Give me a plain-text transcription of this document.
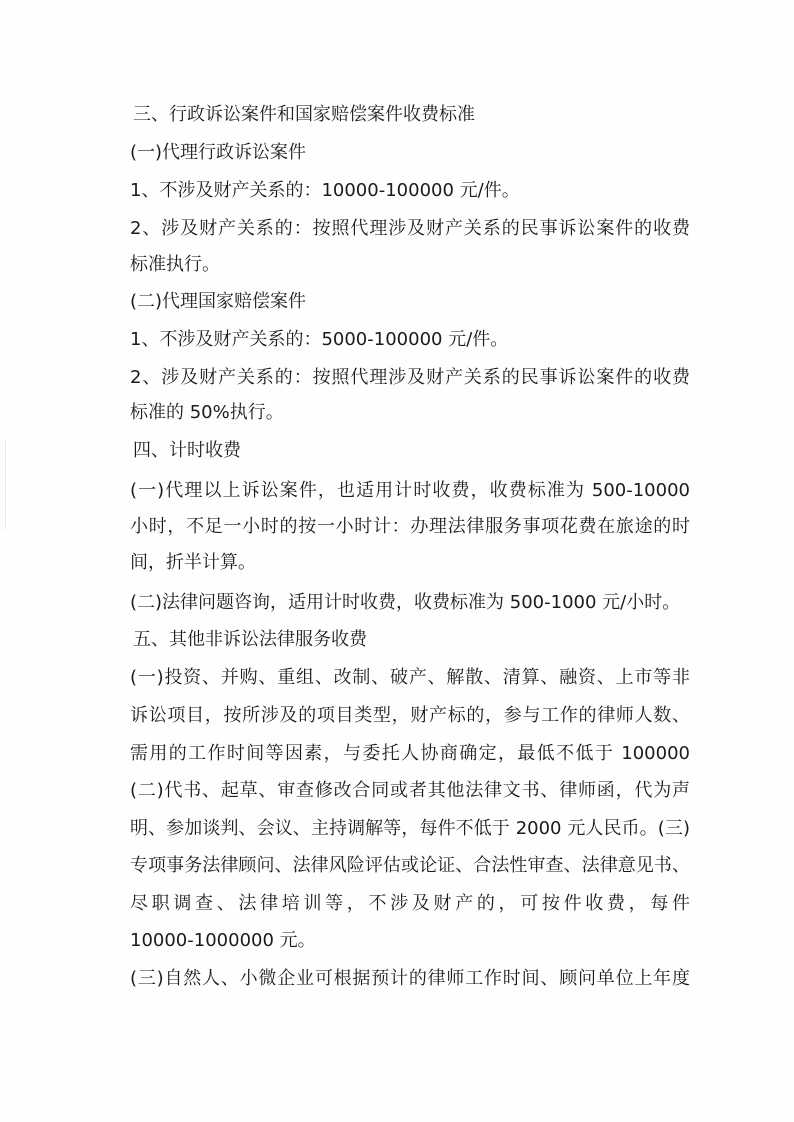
三、行政诉讼案件和国家赔偿案件收费标准
(一)代理行政诉讼案件
1、不涉及财产关系的：10000-100000 元/件。
2、涉及财产关系的：按照代理涉及财产关系的民事诉讼案件的收费
标准执行。
(二)代理国家赔偿案件
1、不涉及财产关系的：5000-100000 元/件。
2、涉及财产关系的：按照代理涉及财产关系的民事诉讼案件的收费
标准的 50%执行。
四、计时收费
(一)代理以上诉讼案件，也适用计时收费，收费标准为 500-10000
小时，不足一小时的按一小时计：办理法律服务事项花费在旅途的时
间，折半计算。
(二)法律问题咨询，适用计时收费，收费标准为 500-1000 元/小时。
五、其他非诉讼法律服务收费
(一)投资、并购、重组、改制、破产、解散、清算、融资、上市等非
诉讼项目，按所涉及的项目类型，财产标的，参与工作的律师人数、
需用的工作时间等因素，与委托人协商确定，最低不低于 100000
(二)代书、起草、审查修改合同或者其他法律文书、律师函，代为声
明、参加谈判、会议、主持调解等，每件不低于 2000 元人民币。(三)
专项事务法律顾问、法律风险评估或论证、合法性审查、法律意见书、
尽职调查、法律培训等，不涉及财产的，可按件收费，每件
10000-1000000 元。
(三)自然人、小微企业可根据预计的律师工作时间、顾问单位上年度
